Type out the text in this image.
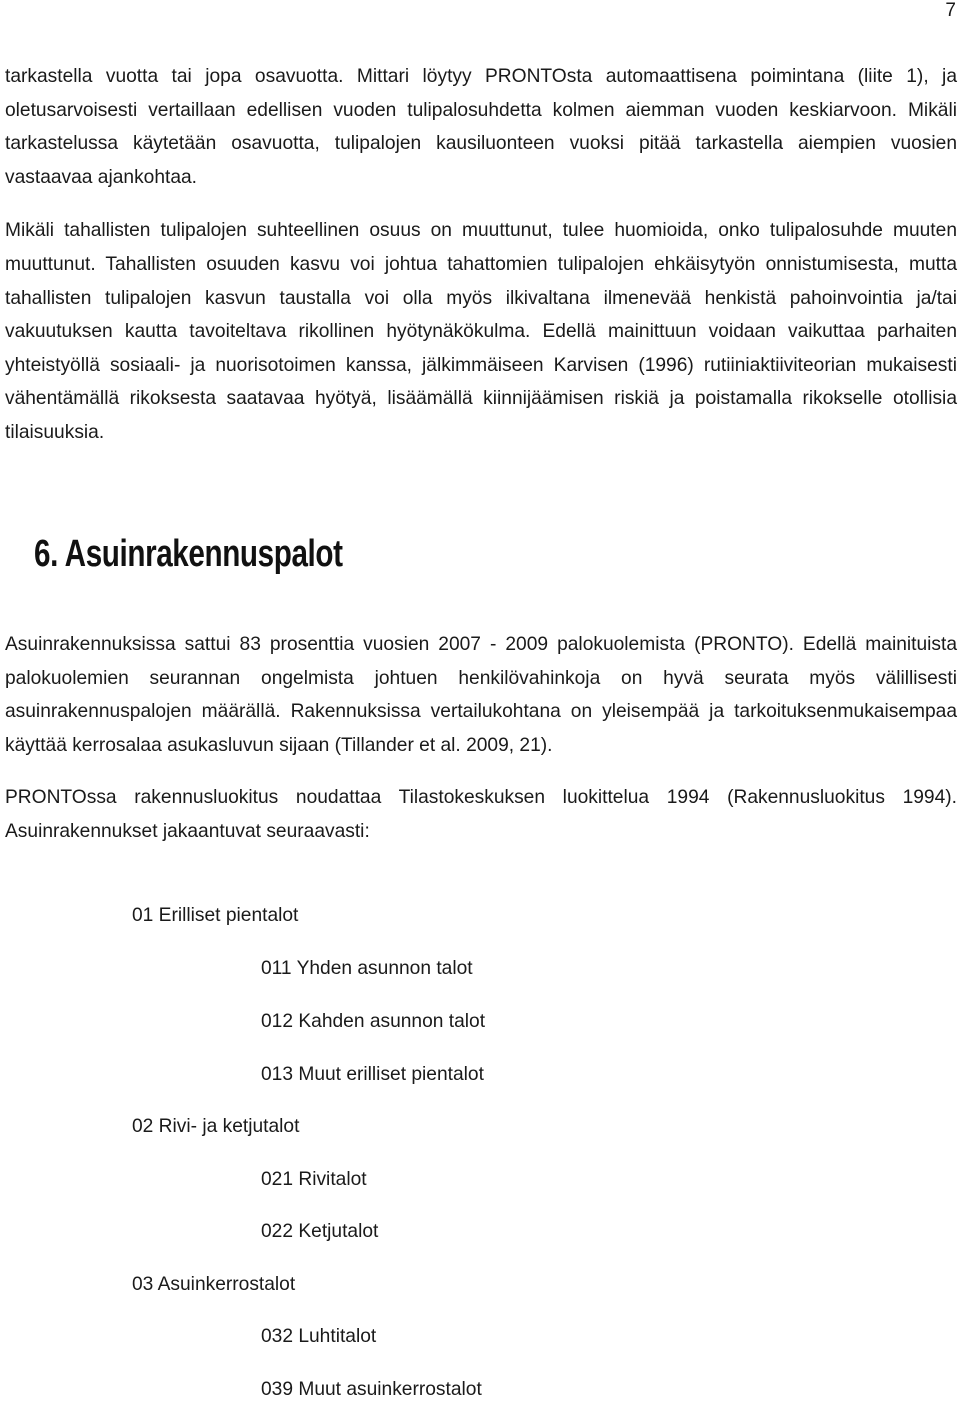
7

tarkastella vuotta tai jopa osavuotta. Mittari löytyy PRONTOsta automaattisena poimintana (liite 1), ja oletusarvoisesti vertaillaan edellisen vuoden tulipalosuhdetta kolmen aiemman vuoden keskiarvoon. Mikäli tarkastelussa käytetään osavuotta, tulipalojen kausiluonteen vuoksi pitää tarkastella aiempien vuosien vastaavaa ajankohtaa.

Mikäli tahallisten tulipalojen suhteellinen osuus on muuttunut, tulee huomioida, onko tulipalosuhde muuten muuttunut. Tahallisten osuuden kasvu voi johtua tahattomien tulipalojen ehkäisytyön onnistumisesta, mutta tahallisten tulipalojen kasvun taustalla voi olla myös ilkivaltana ilmenevää henkistä pahoinvointia ja/tai vakuutuksen kautta tavoiteltava rikollinen hyötynäkökulma. Edellä mainittuun voidaan vaikuttaa parhaiten yhteistyöllä sosiaali- ja nuorisotoimen kanssa, jälkimmäiseen Karvisen (1996) rutiiniaktiiviteorian mukaisesti vähentämällä rikoksesta saatavaa hyötyä, lisäämällä kiinnijäämisen riskiä ja poistamalla rikokselle otollisia tilaisuuksia.

6. Asuinrakennuspalot

Asuinrakennuksissa sattui 83 prosenttia vuosien 2007 - 2009 palokuolemista (PRONTO). Edellä mainituista palokuolemien seurannan ongelmista johtuen henkilövahinkoja on hyvä seurata myös välillisesti asuinrakennuspalojen määrällä. Rakennuksissa vertailukohtana on yleisempää ja tarkoituksenmukaisempaa käyttää kerrosalaa asukasluvun sijaan (Tillander et al. 2009, 21).

PRONTOssa rakennusluokitus noudattaa Tilastokeskuksen luokittelua 1994 (Rakennusluokitus 1994). Asuinrakennukset jakaantuvat seuraavasti:

01 Erilliset pientalot
011 Yhden asunnon talot
012 Kahden asunnon talot
013 Muut erilliset pientalot
02 Rivi- ja ketjutalot
021 Rivitalot
022 Ketjutalot
03 Asuinkerrostalot
032 Luhtitalot
039 Muut asuinkerrostalot
